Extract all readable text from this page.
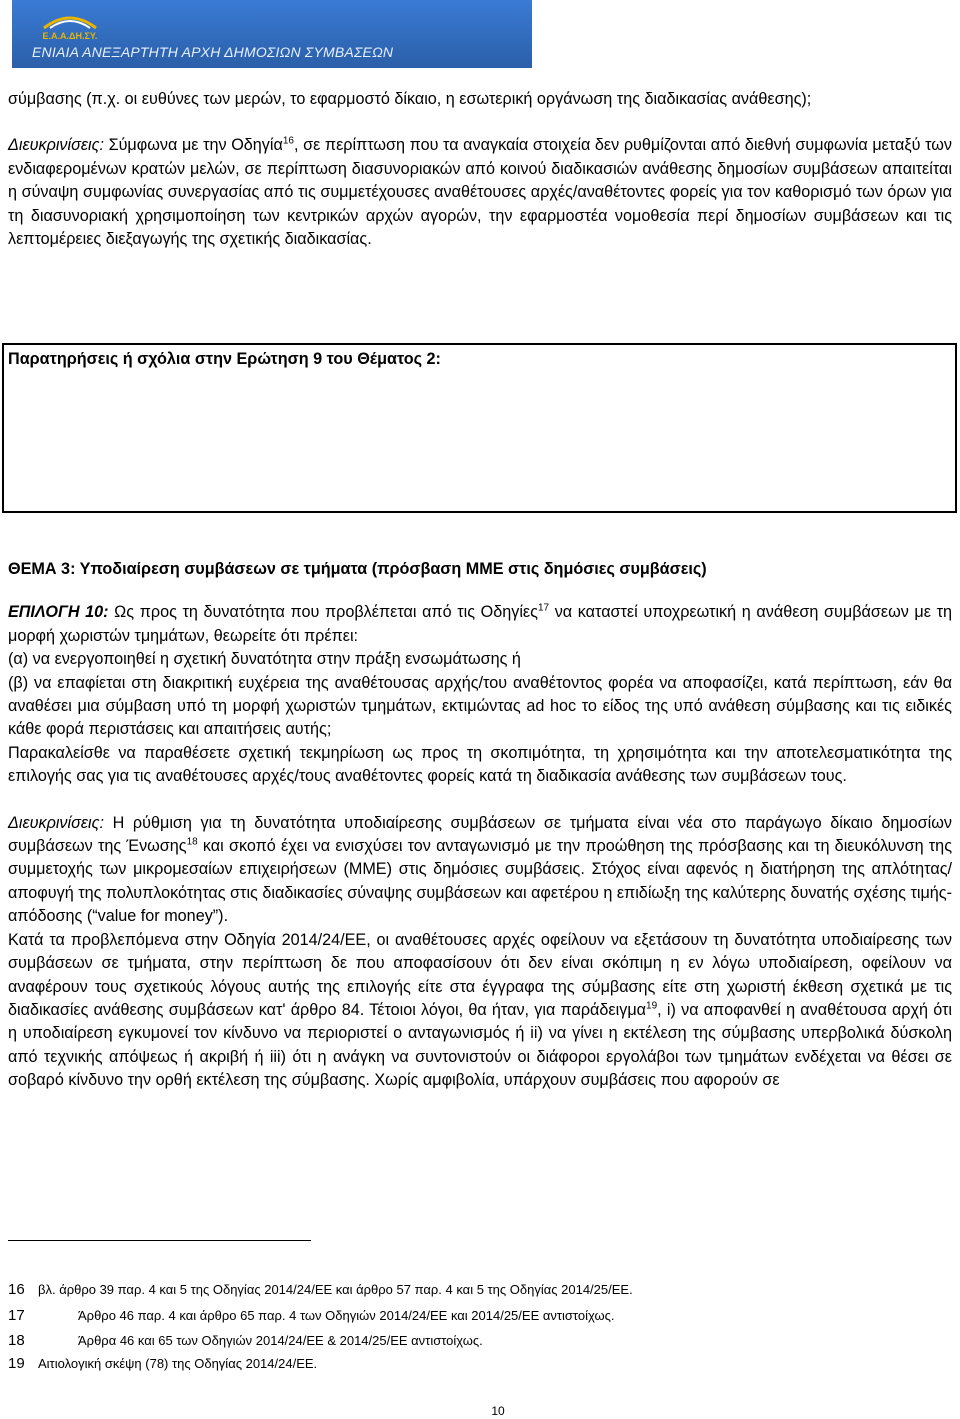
Ε.Α.Α.ΔΗ.ΣΥ.
ΕΝΙΑΙΑ ΑΝΕΞΑΡΤΗΤΗ ΑΡΧΗ ΔΗΜΟΣΙΩΝ ΣΥΜΒΑΣΕΩΝ

σύμβασης (π.χ. οι ευθύνες των μερών, το εφαρμοστό δίκαιο, η εσωτερική οργάνωση της διαδικασίας ανάθεσης);

Διευκρινίσεις: Σύμφωνα με την Οδηγία$^{16}$, σε περίπτωση που τα αναγκαία στοιχεία δεν ρυθμίζονται από διεθνή συμφωνία μεταξύ των ενδιαφερομένων κρατών μελών, σε περίπτωση διασυνοριακών από κοινού διαδικασιών ανάθεσης δημοσίων συμβάσεων απαιτείται η σύναψη συμφωνίας συνεργασίας από τις συμμετέχουσες αναθέτουσες αρχές/αναθέτοντες φορείς για τον καθορισμό των όρων για τη διασυνοριακή χρησιμοποίηση των κεντρικών αρχών αγορών, την εφαρμοστέα νομοθεσία περί δημοσίων συμβάσεων και τις λεπτομέρειες διεξαγωγής της σχετικής διαδικασίας.

Παρατηρήσεις ή σχόλια στην Ερώτηση 9 του Θέματος 2:

ΘΕΜΑ 3: Υποδιαίρεση συμβάσεων σε τμήματα (πρόσβαση ΜΜΕ στις δημόσιες συμβάσεις)

ΕΠΙΛΟΓΗ 10: Ως προς τη δυνατότητα που προβλέπεται από τις Οδηγίες$^{17}$ να καταστεί υποχρεωτική η ανάθεση συμβάσεων με τη μορφή χωριστών τμημάτων, θεωρείτε ότι πρέπει:

(α) να ενεργοποιηθεί η σχετική δυνατότητα στην πράξη ενσωμάτωσης ή

(β) να επαφίεται στη διακριτική ευχέρεια της αναθέτουσας αρχής/του αναθέτοντος φορέα να αποφασίζει, κατά περίπτωση, εάν θα αναθέσει μια σύμβαση υπό τη μορφή χωριστών τμημάτων, εκτιμώντας ad hoc το είδος της υπό ανάθεση σύμβασης και τις ειδικές κάθε φορά περιστάσεις και απαιτήσεις αυτής;

Παρακαλείσθε να παραθέσετε σχετική τεκμηρίωση ως προς τη σκοπιμότητα, τη χρησιμότητα και την αποτελεσματικότητα της επιλογής σας για τις αναθέτουσες αρχές/τους αναθέτοντες φορείς κατά τη διαδικασία ανάθεσης των συμβάσεων τους.

Διευκρινίσεις: Η ρύθμιση για τη δυνατότητα υποδιαίρεσης συμβάσεων σε τμήματα είναι νέα στο παράγωγο δίκαιο δημοσίων συμβάσεων της Ένωσης$^{18}$ και σκοπό έχει να ενισχύσει τον ανταγωνισμό με την προώθηση της πρόσβασης και τη διευκόλυνση της συμμετοχής των μικρομεσαίων επιχειρήσεων (ΜΜΕ) στις δημόσιες συμβάσεις. Στόχος είναι αφενός η διατήρηση της απλότητας/αποφυγή της πολυπλοκότητας στις διαδικασίες σύναψης συμβάσεων και αφετέρου η επιδίωξη της καλύτερης δυνατής σχέσης τιμής-απόδοσης (“value for money”).

Κατά τα προβλεπόμενα στην Οδηγία 2014/24/ΕΕ, οι αναθέτουσες αρχές οφείλουν να εξετάσουν τη δυνατότητα υποδιαίρεσης των συμβάσεων σε τμήματα, στην περίπτωση δε που αποφασίσουν ότι δεν είναι σκόπιμη η εν λόγω υποδιαίρεση, οφείλουν να αναφέρουν τους σχετικούς λόγους αυτής της επιλογής είτε στα έγγραφα της σύμβασης είτε στη χωριστή έκθεση σχετικά με τις διαδικασίες ανάθεσης συμβάσεων κατ' άρθρο 84. Τέτοιοι λόγοι, θα ήταν, για παράδειγμα$^{19}$, i) να αποφανθεί η αναθέτουσα αρχή ότι η υποδιαίρεση εγκυμονεί τον κίνδυνο να περιοριστεί ο ανταγωνισμός ή ii) να γίνει η εκτέλεση της σύμβασης υπερβολικά δύσκολη από τεχνικής απόψεως ή ακριβή ή iii) ότι η ανάγκη να συντονιστούν οι διάφοροι εργολάβοι των τμημάτων ενδέχεται να θέσει σε σοβαρό κίνδυνο την ορθή εκτέλεση της σύμβασης. Χωρίς αμφιβολία, υπάρχουν συμβάσεις που αφορούν σε

16 βλ. άρθρο 39 παρ. 4 και 5 της Οδηγίας 2014/24/ΕΕ και άρθρο 57 παρ. 4 και 5 της Οδηγίας 2014/25/ΕΕ.
17	Άρθρο 46 παρ. 4 και άρθρο 65 παρ. 4 των Οδηγιών 2014/24/ΕΕ και 2014/25/ΕΕ αντιστοίχως.
18	Άρθρα 46 και 65 των Οδηγιών 2014/24/ΕΕ & 2014/25/ΕΕ αντιστοίχως.
19 Αιτιολογική σκέψη (78) της Οδηγίας 2014/24/ΕΕ.
10
